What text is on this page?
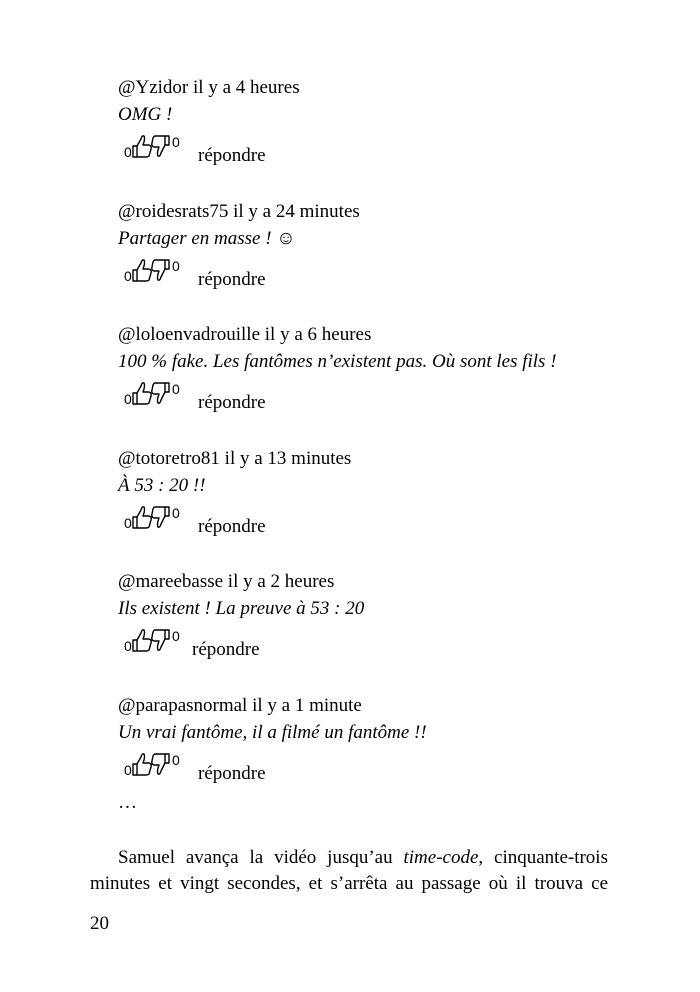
@Yzidor il y a 4 heures
OMG !
0
0
répondre
@roidesrats75 il y a 24 minutes
Partager en masse ! ☺
0
0
répondre
@loloenvadrouille il y a 6 heures
100 % fake. Les fantômes n’existent pas. Où sont les fils !
0
0
répondre
@totoretro81 il y a 13 minutes
À 53 : 20 !!
0
0
répondre
@mareebasse il y a 2 heures
Ils existent ! La preuve à 53 : 20
0
0
répondre
@parapasnormal il y a 1 minute
Un vrai fantôme, il a filmé un fantôme !!
0
0
répondre
…
Samuel avança la vidéo jusqu’au time-code, cinquante-trois
minutes et vingt secondes, et s’arrêta au passage où il trouva ce
20
